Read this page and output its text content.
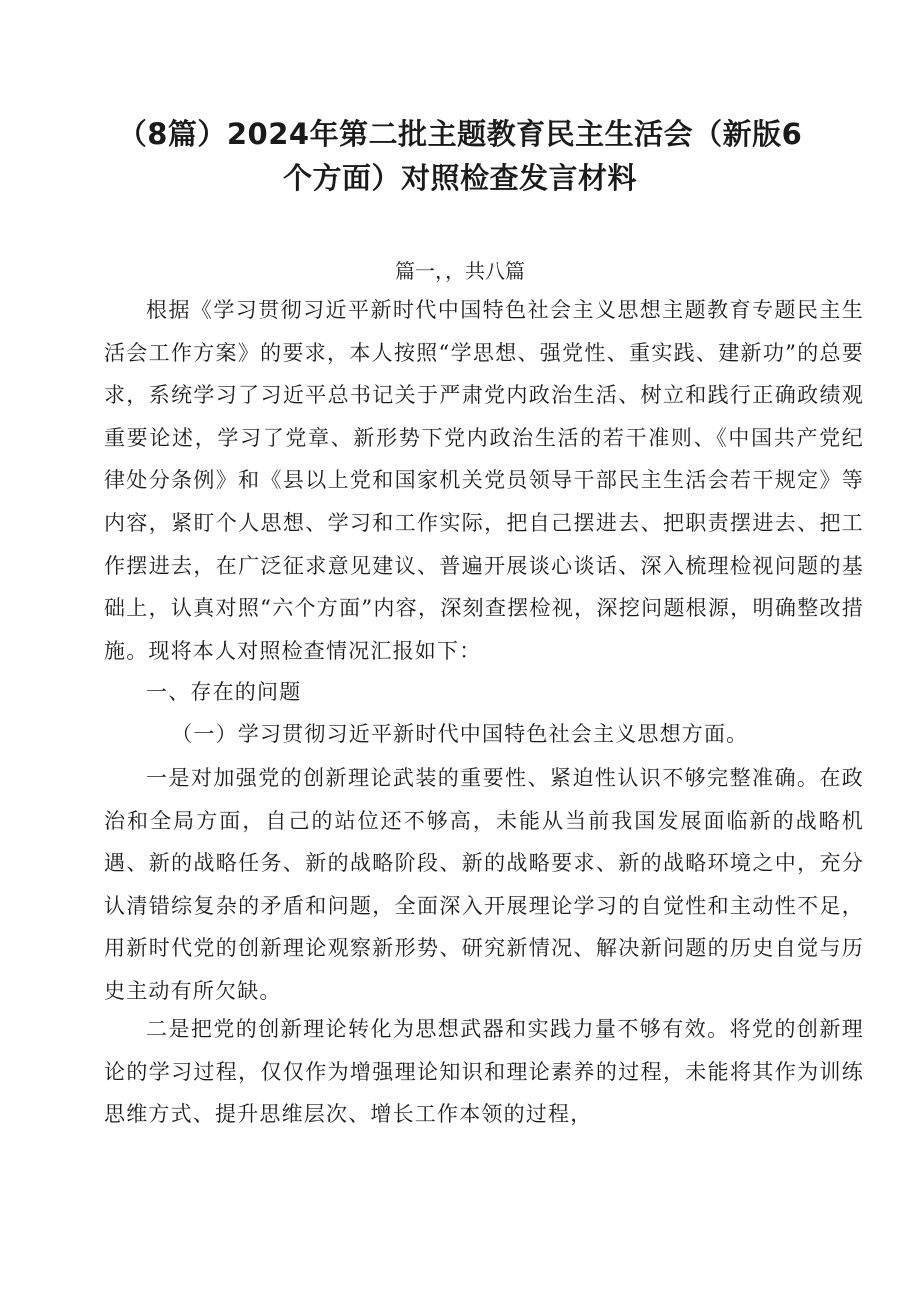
（8篇）2024年第二批主题教育民主生活会（新版6
个方面）对照检查发言材料
篇一，，共八篇

根据《学习贯彻习近平新时代中国特色社会主义思想主题教育专题民主生活会工作方案》的要求，本人按照“学思想、强党性、重实践、建新功”的总要求，系统学习了习近平总书记关于严肃党内政治生活、树立和践行正确政绩观重要论述，学习了党章、新形势下党内政治生活的若干准则、《中国共产党纪律处分条例》和《县以上党和国家机关党员领导干部民主生活会若干规定》等内容，紧盯个人思想、学习和工作实际，把自己摆进去、把职责摆进去、把工作摆进去，在广泛征求意见建议、普遍开展谈心谈话、深入梳理检视问题的基础上，认真对照“六个方面”内容，深刻查摆检视，深挖问题根源，明确整改措施。现将本人对照检查情况汇报如下：

一、存在的问题
（一）学习贯彻习近平新时代中国特色社会主义思想方面。

一是对加强党的创新理论武装的重要性、紧迫性认识不够完整准确。在政治和全局方面，自己的站位还不够高，未能从当前我国发展面临新的战略机遇、新的战略任务、新的战略阶段、新的战略要求、新的战略环境之中，充分认清错综复杂的矛盾和问题，全面深入开展理论学习的自觉性和主动性不足，用新时代党的创新理论观察新形势、研究新情况、解决新问题的历史自觉与历史主动有所欠缺。

二是把党的创新理论转化为思想武器和实践力量不够有效。将党的创新理论的学习过程，仅仅作为增强理论知识和理论素养的过程，未能将其作为训练思维方式、提升思维层次、增长工作本领的过程，
